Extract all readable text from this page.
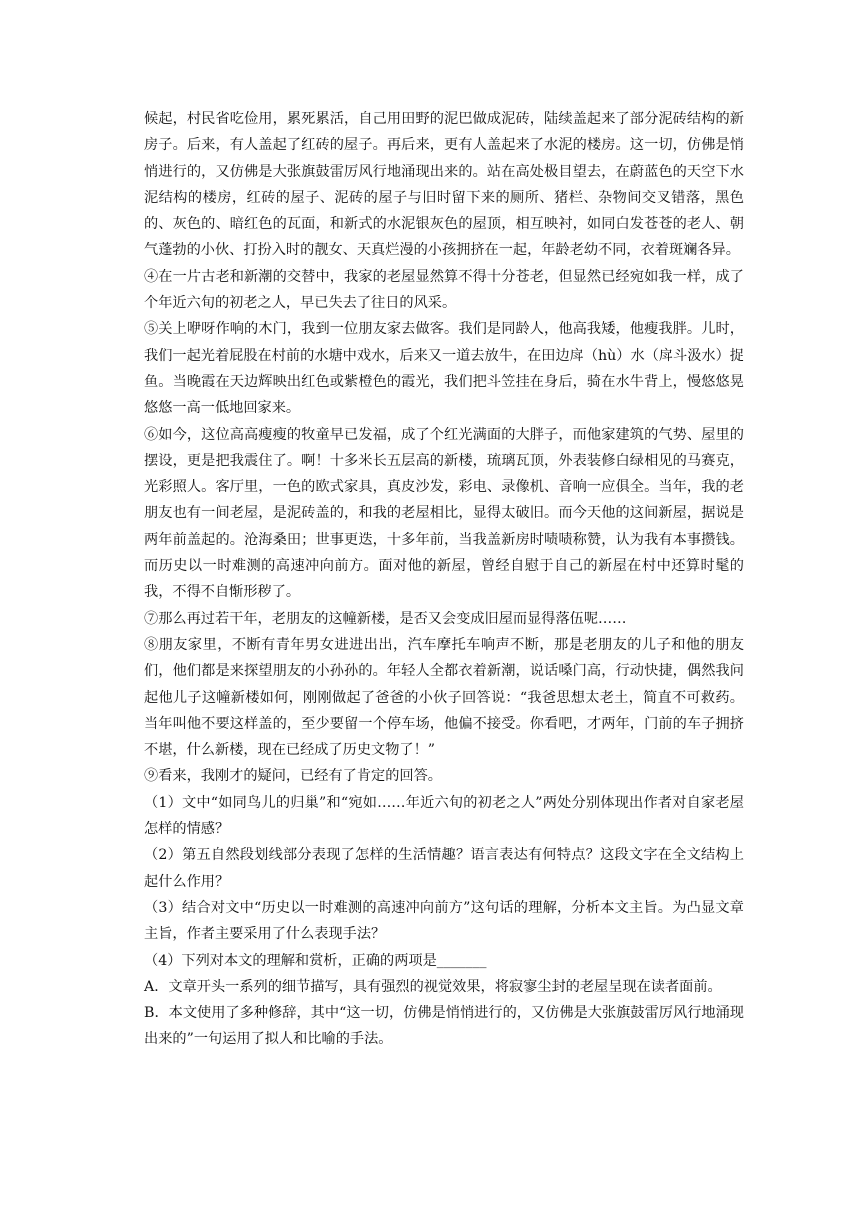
候起，村民省吃俭用，累死累活，自己用田野的泥巴做成泥砖，陆续盖起来了部分泥砖结构的新房子。后来，有人盖起了红砖的屋子。再后来，更有人盖起来了水泥的楼房。这一切，仿佛是悄悄进行的，又仿佛是大张旗鼓雷厉风行地涌现出来的。站在高处极目望去，在蔚蓝色的天空下水泥结构的楼房，红砖的屋子、泥砖的屋子与旧时留下来的厕所、猪栏、杂物间交叉错落，黑色的、灰色的、暗红色的瓦面，和新式的水泥银灰色的屋顶，相互映衬，如同白发苍苍的老人、朝气蓬勃的小伙、打扮入时的靓女、天真烂漫的小孩拥挤在一起，年龄老幼不同，衣着斑斓各异。

④在一片古老和新潮的交替中，我家的老屋显然算不得十分苍老，但显然已经宛如我一样，成了个年近六旬的初老之人，早已失去了往日的风采。

⑤关上咿呀作响的木门，我到一位朋友家去做客。我们是同龄人，他高我矮，他瘦我胖。儿时，我们一起光着屁股在村前的水塘中戏水，后来又一道去放牛，在田边戽（hù）水（戽斗汲水）捉鱼。当晚霞在天边辉映出红色或紫橙色的霞光，我们把斗笠挂在身后，骑在水牛背上，慢悠悠晃悠悠一高一低地回家来。

⑥如今，这位高高瘦瘦的牧童早已发福，成了个红光满面的大胖子，而他家建筑的气势、屋里的摆设，更是把我震住了。啊！十多米长五层高的新楼，琉璃瓦顶，外表装修白绿相见的马赛克，光彩照人。客厅里，一色的欧式家具，真皮沙发，彩电、录像机、音响一应俱全。当年，我的老朋友也有一间老屋，是泥砖盖的，和我的老屋相比，显得太破旧。而今天他的这间新屋，据说是两年前盖起的。沧海桑田；世事更迭，十多年前，当我盖新房时啧啧称赞，认为我有本事攒钱。而历史以一时难测的高速冲向前方。面对他的新屋，曾经自慰于自己的新屋在村中还算时髦的我，不得不自惭形秽了。

⑦那么再过若干年，老朋友的这幢新楼，是否又会变成旧屋而显得落伍呢……

⑧朋友家里，不断有青年男女进进出出，汽车摩托车响声不断，那是老朋友的儿子和他的朋友们，他们都是来探望朋友的小孙孙的。年轻人全都衣着新潮，说话嗓门高，行动快捷，偶然我问起他儿子这幢新楼如何，刚刚做起了爸爸的小伙子回答说：“我爸思想太老土，简直不可救药。当年叫他不要这样盖的，至少要留一个停车场，他偏不接受。你看吧，才两年，门前的车子拥挤不堪，什么新楼，现在已经成了历史文物了！”

⑨看来，我刚才的疑问，已经有了肯定的回答。

（1）文中“如同鸟儿的归巢”和“宛如……年近六旬的初老之人”两处分别体现出作者对自家老屋怎样的情感？

（2）第五自然段划线部分表现了怎样的生活情趣？语言表达有何特点？这段文字在全文结构上起什么作用？

（3）结合对文中“历史以一时难测的高速冲向前方”这句话的理解，分析本文主旨。为凸显文章主旨，作者主要采用了什么表现手法？

（4）下列对本文的理解和赏析，正确的两项是_______

A．文章开头一系列的细节描写，具有强烈的视觉效果，将寂寥尘封的老屋呈现在读者面前。

B．本文使用了多种修辞，其中“这一切，仿佛是悄悄进行的，又仿佛是大张旗鼓雷厉风行地涌现出来的”一句运用了拟人和比喻的手法。
